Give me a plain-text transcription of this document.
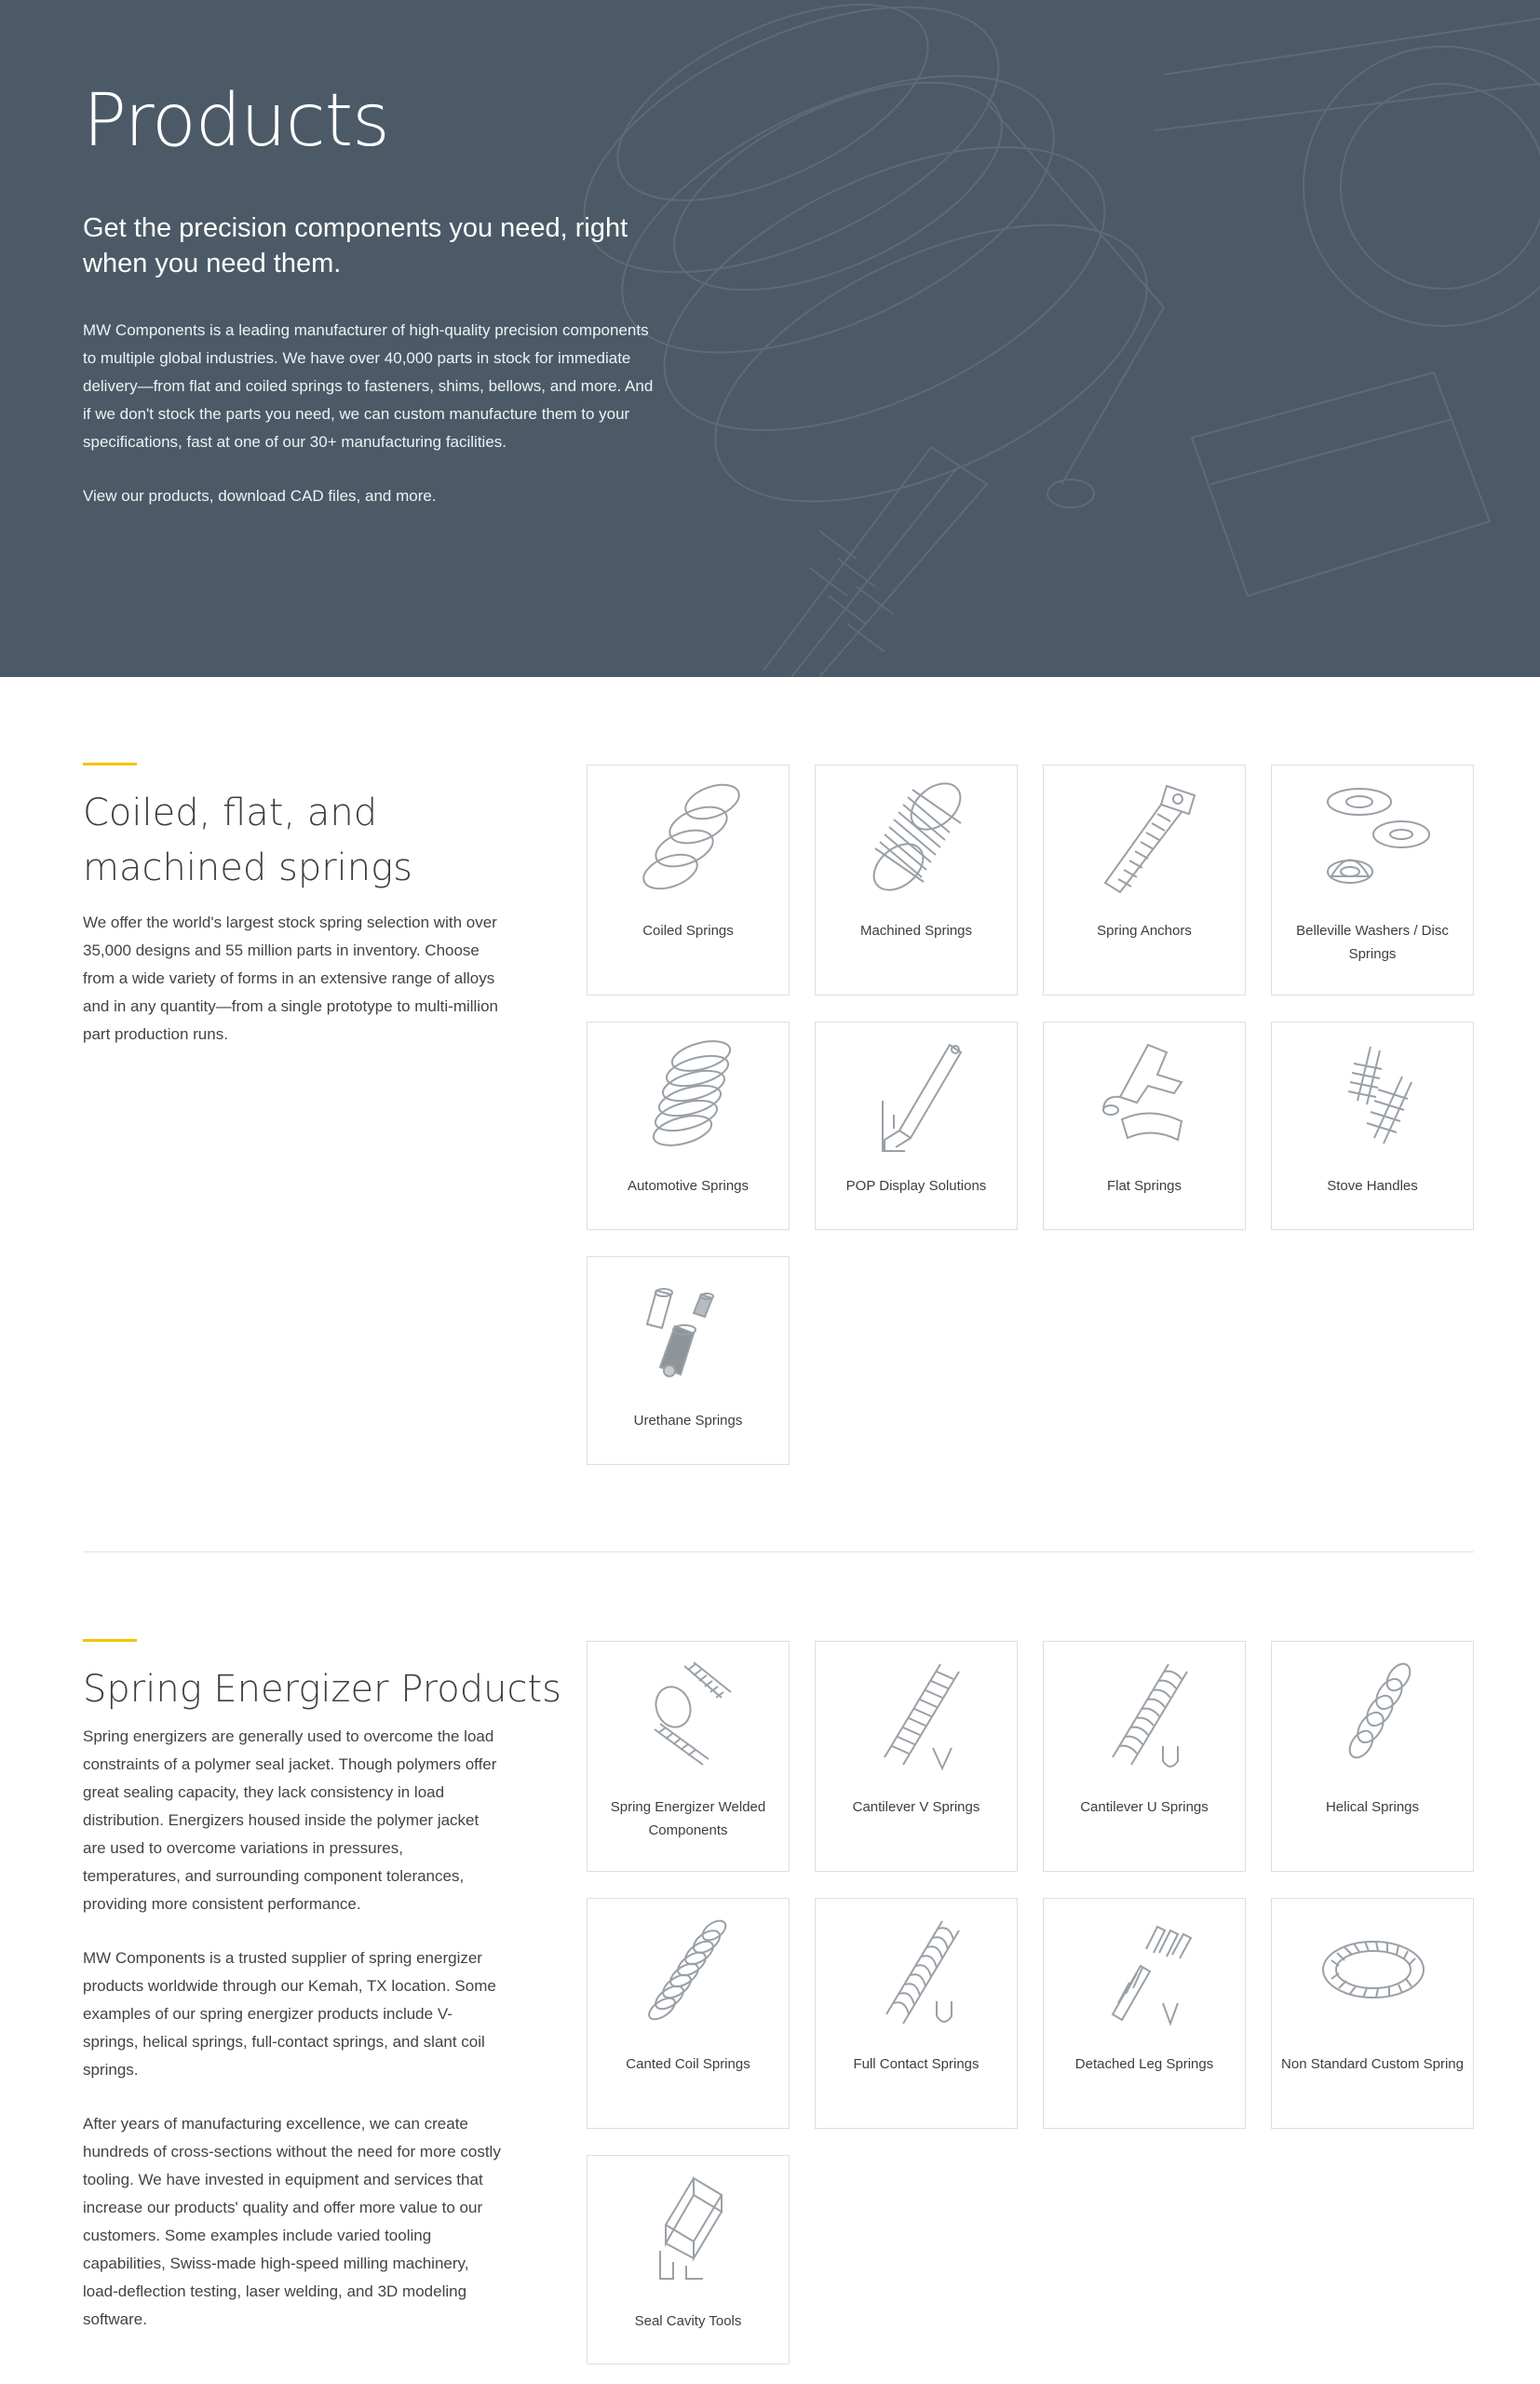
Products

Get the precision components you need, right when you need them.

MW Components is a leading manufacturer of high-quality precision components to multiple global industries. We have over 40,000 parts in stock for immediate delivery—from flat and coiled springs to fasteners, shims, bellows, and more. And if we don't stock the parts you need, we can custom manufacture them to your specifications, fast at one of our 30+ manufacturing facilities.

View our products, download CAD files, and more.

Coiled, flat, and machined springs

We offer the world's largest stock spring selection with over 35,000 designs and 55 million parts in inventory. Choose from a wide variety of forms in an extensive range of alloys and in any quantity—from a single prototype to multi-million part production runs.

Coiled Springs	Machined Springs	Spring Anchors	Belleville Washers / Disc Springs
Automotive Springs	POP Display Solutions	Flat Springs	Stove Handles
Urethane Springs
Spring Energizer Products

Spring energizers are generally used to overcome the load constraints of a polymer seal jacket. Though polymers offer great sealing capacity, they lack consistency in load distribution. Energizers housed inside the polymer jacket are used to overcome variations in pressures, temperatures, and surrounding component tolerances, providing more consistent performance.

MW Components is a trusted supplier of spring energizer products worldwide through our Kemah, TX location. Some examples of our spring energizer products include V-springs, helical springs, full-contact springs, and slant coil springs.

After years of manufacturing excellence, we can create hundreds of cross-sections without the need for more costly tooling. We have invested in equipment and services that increase our products' quality and offer more value to our customers. Some examples include varied tooling capabilities, Swiss-made high-speed milling machinery, load-deflection testing, laser welding, and 3D modeling software.

Spring Energizer Welded Components
Cantilever V Springs	Cantilever U Springs	Helical Springs
Canted Coil Springs	Full Contact Springs	Detached Leg Springs	Non Standard Custom Spring
Seal Cavity Tools
